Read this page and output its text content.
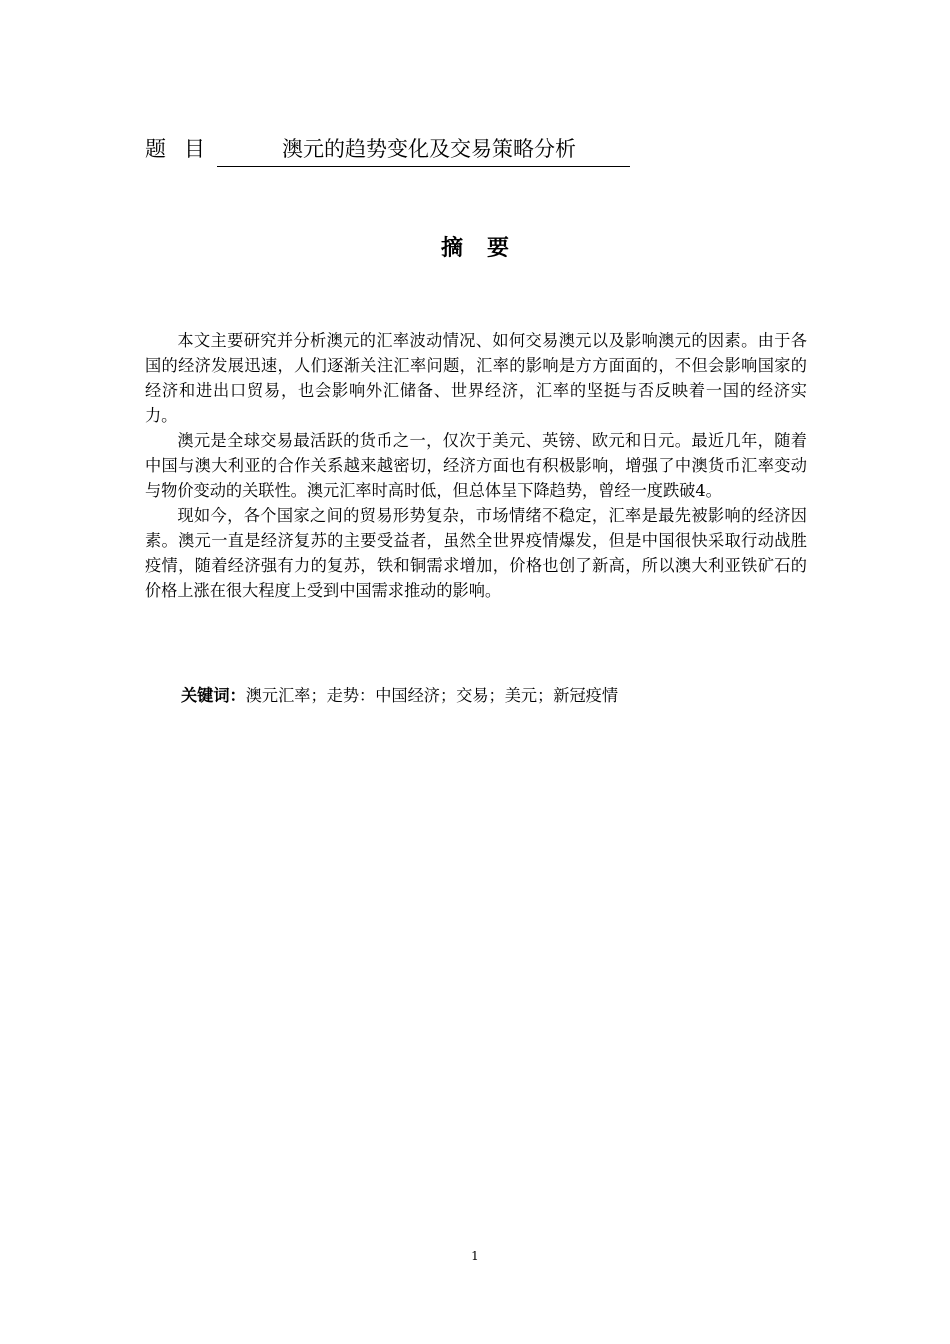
题目	澳元的趋势变化及交易策略分析
摘要

本文主要研究并分析澳元的汇率波动情况、如何交易澳元以及影响澳元的因素。由于各国的经济发展迅速，人们逐渐关注汇率问题，汇率的影响是方方面面的，不但会影响国家的经济和进出口贸易，也会影响外汇储备、世界经济，汇率的坚挺与否反映着一国的经济实力。

澳元是全球交易最活跃的货币之一，仅次于美元、英镑、欧元和日元。最近几年，随着中国与澳大利亚的合作关系越来越密切，经济方面也有积极影响，增强了中澳货币汇率变动与物价变动的关联性。澳元汇率时高时低，但总体呈下降趋势，曾经一度跌破4。

现如今，各个国家之间的贸易形势复杂，市场情绪不稳定，汇率是最先被影响的经济因素。澳元一直是经济复苏的主要受益者，虽然全世界疫情爆发，但是中国很快采取行动战胜疫情，随着经济强有力的复苏，铁和铜需求增加，价格也创了新高，所以澳大利亚铁矿石的价格上涨在很大程度上受到中国需求推动的影响。

关键词：澳元汇率；走势：中国经济；交易；美元；新冠疫情
1
